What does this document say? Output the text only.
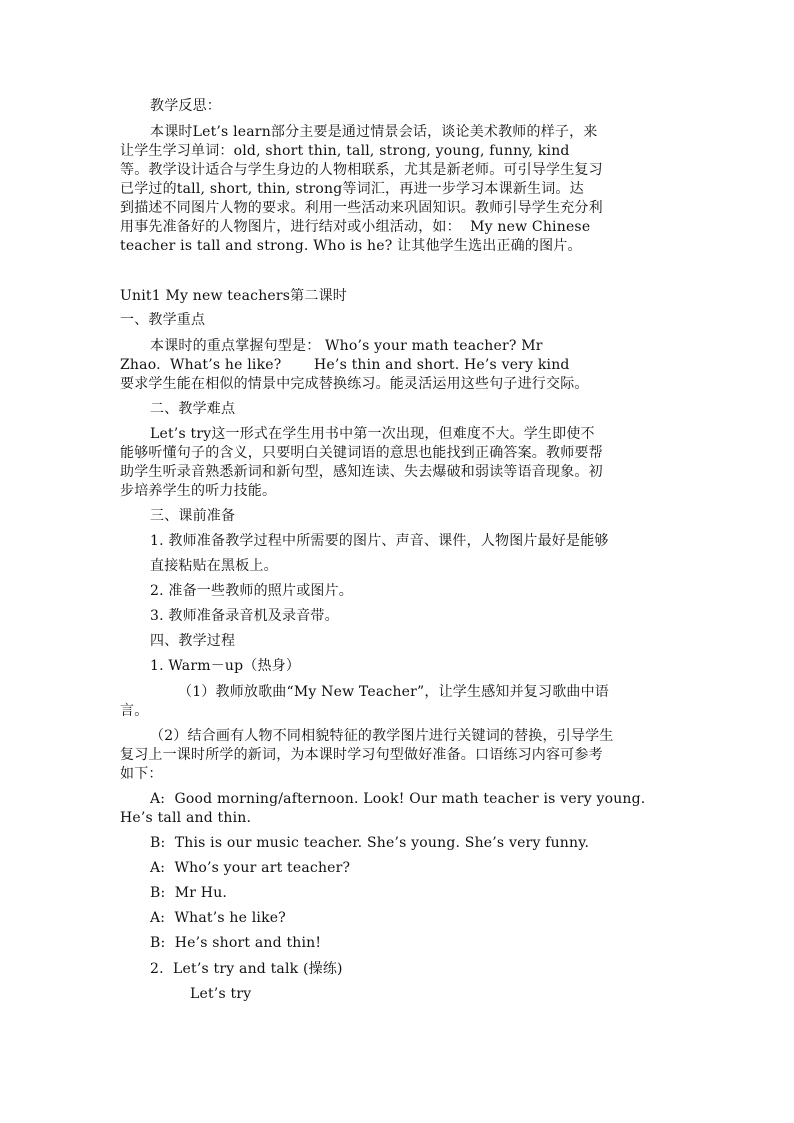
教学反思：
本课时Let’s learn部分主要是通过情景会话，谈论美术教师的样子，来
让学生学习单词：old, short thin, tall, strong, young, funny, kind
等。教学设计适合与学生身边的人物相联系，尤其是新老师。可引导学生复习
已学过的tall, short, thin, strong等词汇，再进一步学习本课新生词。达
到描述不同图片人物的要求。利用一些活动来巩固知识。教师引导学生充分利
用事先准备好的人物图片，进行结对或小组活动，如：  My new Chinese
teacher is tall and strong. Who is he? 让其他学生选出正确的图片。
Unit1 My new teachers第二课时
一、教学重点
本课时的重点掌握句型是： Who’s your math teacher? Mr
Zhao.  What’s he like?       He’s thin and short. He’s very kind
要求学生能在相似的情景中完成替换练习。能灵活运用这些句子进行交际。
二、教学难点
Let’s try这一形式在学生用书中第一次出现，但难度不大。学生即使不
能够听懂句子的含义，只要明白关键词语的意思也能找到正确答案。教师要帮
助学生听录音熟悉新词和新句型，感知连读、失去爆破和弱读等语音现象。初
步培养学生的听力技能。
三、课前准备
1. 教师准备教学过程中所需要的图片、声音、课件，人物图片最好是能够
直接粘贴在黑板上。
2. 准备一些教师的照片或图片。
3. 教师准备录音机及录音带。
四、教学过程
1. Warm－up（热身）
（1）教师放歌曲“My New Teacher”，让学生感知并复习歌曲中语
言。
（2）结合画有人物不同相貌特征的教学图片进行关键词的替换，引导学生
复习上一课时所学的新词，为本课时学习句型做好准备。口语练习内容可参考
如下：
A:  Good morning/afternoon. Look! Our math teacher is very young.
He’s tall and thin.
B:  This is our music teacher. She’s young. She’s very funny.
A:  Who’s your art teacher?
B:  Mr Hu.
A:  What’s he like?
B:  He’s short and thin!
2.  Let’s try and talk (操练)
Let’s try
